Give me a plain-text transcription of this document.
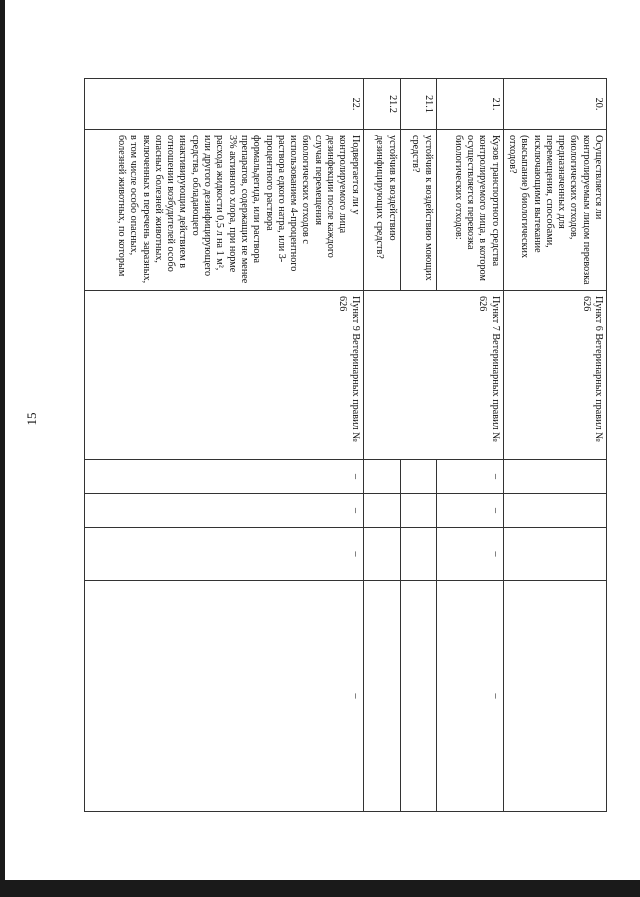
15
20.	Осуществляется ли контролируемым лицом перевозка биологических отходов, предназначенных для перемещения, способами, исключающими вытекание (высыпание) биологических отходов?	Пункт 6 Ветеринарных правил № 626	

21.	Кузов транспортного средства контролируемого лица, в котором осуществляется перевозка биологических отходов:	Пункт 7 Ветеринарных правил № 626	–	–	–	–

21.1	устойчив к воздействию моющих средств?		

21.2	устойчив к воздействию дезинфицирующих средств?		

22.	Подвергается ли у контролируемого лица дезинфекции после каждого случая перемещения биологических отходов с использованием 4-процентного раствора едкого натра, или 3-процентного раствора формальдегида, или раствора препаратов, содержащих не менее 3% активного хлора, при норме расхода жидкости 0,5 л на 1 м², или другого дезинфицирующего средства, обладающего инактивирующим действием в отношении возбудителей особо опасных болезней животных, включенных в перечень заразных, в том числе особо опасных, болезней животных, по которым	Пункт 9 Ветеринарных правил № 626	–	–	–	–
